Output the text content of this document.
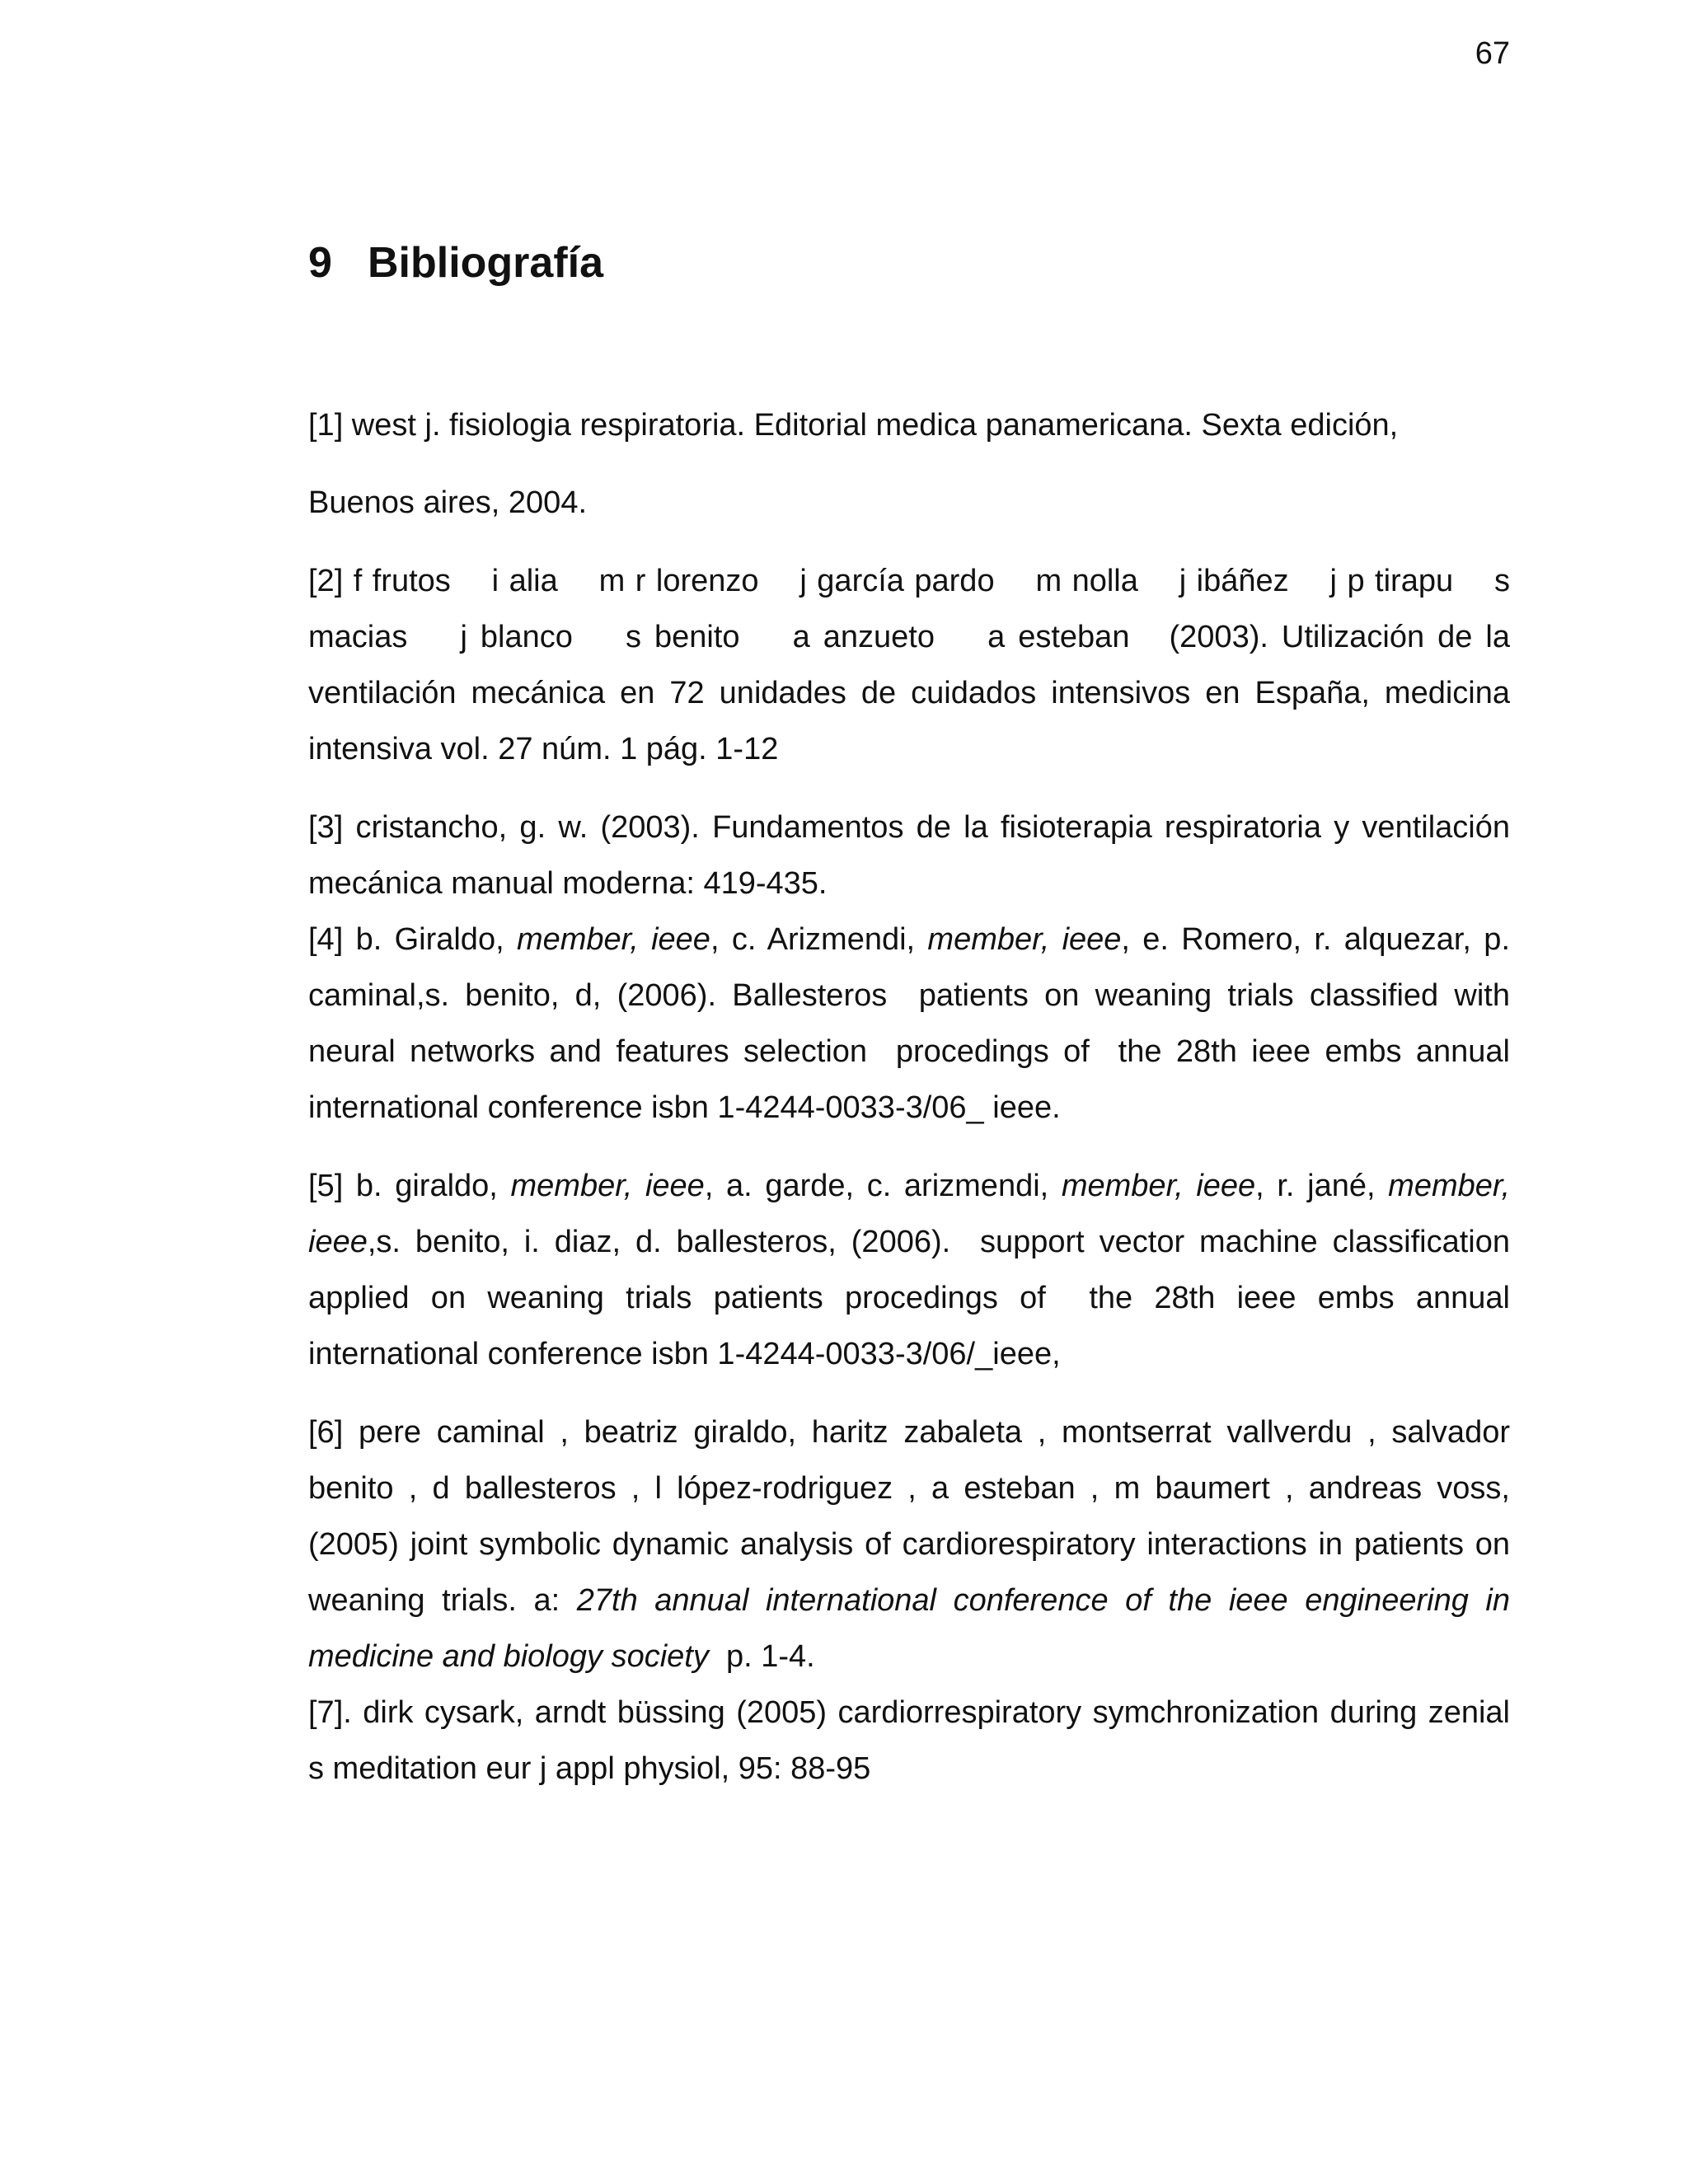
67
9 Bibliografía

[1] west j. fisiologia respiratoria. Editorial medica panamericana. Sexta edición,
Buenos aires, 2004.

[2] f frutos    i alia    m r lorenzo    j garcía pardo    m nolla    j ibáñez    j p tirapu    s macias    j blanco    s benito    a anzueto    a esteban   (2003). Utilización de la ventilación mecánica en 72 unidades de cuidados intensivos en España, medicina intensiva vol. 27 núm. 1 pág. 1-12

[3] cristancho, g. w. (2003). Fundamentos de la fisioterapia respiratoria y ventilación mecánica manual moderna: 419-435.

[4] b. Giraldo, member, ieee, c. Arizmendi, member, ieee, e. Romero, r. alquezar, p. caminal,s. benito, d, (2006). Ballesteros  patients on weaning trials classified with neural networks and features selection  procedings of  the 28th ieee embs annual  international conference isbn 1-4244-0033-3/06_ ieee.

[5] b. giraldo, member, ieee, a. garde, c. arizmendi, member, ieee, r. jané, member, ieee,s. benito, i. diaz, d. ballesteros, (2006).  support vector machine classification applied on weaning trials patients procedings of  the 28th ieee embs annual  international conference isbn 1-4244-0033-3/06/_ieee,

[6] pere caminal , beatriz giraldo, haritz zabaleta , montserrat vallverdu , salvador benito , d ballesteros , l lópez-rodriguez , a esteban , m baumert , andreas voss, (2005) joint symbolic dynamic analysis of cardiorespiratory interactions in patients on weaning trials. a: 27th annual international conference of the ieee engineering in medicine and biology society  p. 1-4.

[7]. dirk cysark, arndt büssing (2005) cardiorrespiratory symchronization during zenial s meditation eur j appl physiol, 95: 88-95
